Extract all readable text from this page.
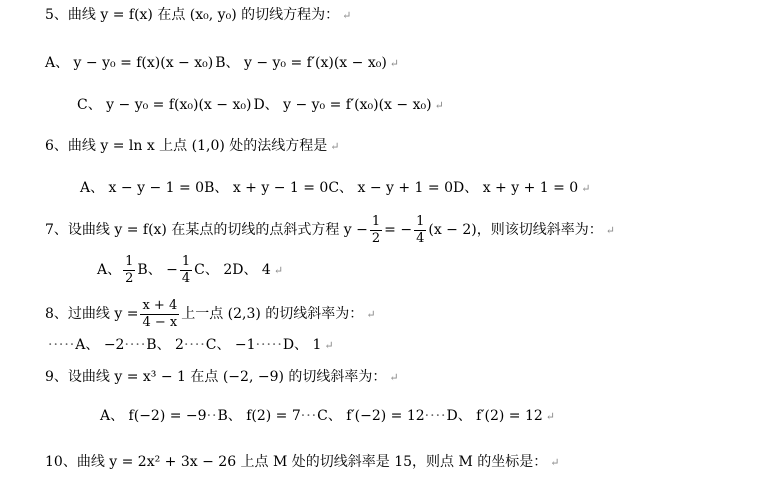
5、曲线 y = f(x) 在点 (x₀, y₀) 的切线方程为： ↵
A、 y − y₀ = f(x)(x − x₀) B、 y − y₀ = f′(x)(x − x₀) ↵
C、 y − y₀ = f(x₀)(x − x₀) D、 y − y₀ = f′(x₀)(x − x₀) ↵
6、曲线 y = ln x 上点 (1,0) 处的法线方程是 ↵
A、 x − y − 1 = 0 B、 x + y − 1 = 0 C、 x − y + 1 = 0 D、 x + y + 1 = 0 ↵
7、设曲线 y = f(x) 在某点的切线的点斜式方程 $y - \frac{1}{2}$ = − $\frac{1}{4} (x - 2)$，则该切线斜率为： ↵
A、 $\frac{1}{2}$ B、 − $\frac{1}{4}$ C、 2D、 4 ↵
8、过曲线 $y = \frac{x + 4}{4 - x}$ 上一点 (2,3) 的切线斜率为： ↵
····· A、 −2 ···· B、 2 ···· C、 −1 ····· D、 1 ↵
9、设曲线 y = x³ − 1 在点 (−2, −9) 的切线斜率为： ↵
A、 f(−2) = −9 ·· B、 f(2) = 7 ··· C、 f′(−2) = 12 ···· D、 f′(2) = 12 ↵
10、曲线 y = 2x² + 3x − 26 上点 M 处的切线斜率是 15，则点 M 的坐标是： ↵
